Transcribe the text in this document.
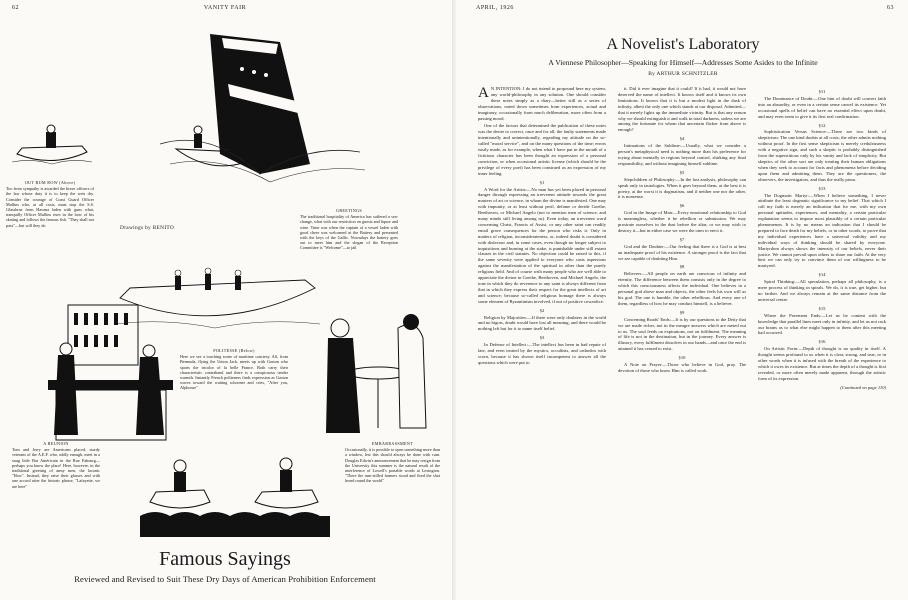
62	VANITY FAIR
OUT RUM ROW (Above)
Too from sympathy is awarded the brave officers of the law whose duty it is to keep the wets dry. Consider the courage of Coast Guard Officer Mullins who, at all costs, must stop the S.S. Glassbrae from Havana laden with guns what, tranquilly Officer Mullins rises in the bow of his skating and follows the famous fish. "They shall not pass"—but will they do	Drawings by BENITO
GREETINGS
The traditional hospitality of America has suffered a sea-change, what with our restriction on guests and liquor and wine. Time was when the captain of a vessel laden with good cheer was welcomed at the Battery and presented with the keys of the Gallic. Nowadays the battery goes out to meet him and the slogan of the Reception Committee is "Welcome"—to jail
POLITESSE (Below)
Here we see a touching scene of maritime courtesy. Alf, from Bermuda, flying the Union Jack, meets up with Gaston who sports the tricolor of la belle France. Both carry their characteristic contraband and there is a conspicuous tender warmth. Instantly French politeness finds expression as Gaston waves toward the waiting schooner and cries, "After you, Alphonse"
A REUNION
Tom and Jerry are Americans placed, sturdy veterans of the A.E.F. who, oddly enough, meet in a snug little Bar Américain in the Rue Fabourg—perhaps you know the place! Here, however, in the traditional greeting of army men, the laconic "How". Instead, they raise their glasses and with one accord utter the historic phrase, "Lafayette, we are here"
EMBARRASSMENT
Occasionally, it is possible to open something more than a window, lest this should always be done with rum. Douglas Edwin's announcement that he may resign from the University this summer is the natural result of the interference of Lowell's portable words at Lexington. "There the rum-stilled farmers stood and fired the shot heard round the world"
Famous Sayings
Reviewed and Revised to Suit These Dry Days of American Prohibition Enforcement
APRIL, 1926	63
A Novelist's Laboratory
A Viennese Philosopher—Speaking for Himself—Addresses Some Asides to the Infinite
By ARTHUR SCHNITZLER

A N INTENTION: I do not intend to propound here my system, any world-philosophy in any solution. One should consider these notes simply as a diary—better still as a series of observations, noted down sometimes from experiences, actual and imaginary, occasionally from much deliberation, more often from a passing mood.

One of the factors that determined the publication of these notes was the desire to correct, once and for all, the faulty statements made intentionally and unintentionally, regarding my attitude on the so-called "moral service", and on the many questions of the time; errors easily made, as for example, when what I have put in the mouth of a fictitious character has been thought an expression of a personal conviction, or when occasional artistic license (which should be the privilege of every poet) has been construed as an expression of my inner feeling.

§1

A Word for the Artists:—No man has yet been placed in personal danger through expressing an irreverent attitude towards the great masters of art or science, in whom the divine is manifested. One may with impunity, or at least without peril, defame or deride Goethe, Beethoven, or Michael Angelo (not to mention men of science, and many minds still living among us). Even today, an irreverent word concerning Christ, Francis of Assisi, or any other saint can readily entail grave consequences for the person who risks it. Only in matters of religion, inconsiderateness, or, indeed doubt is considered with disfavour and, in some cases, even though no longer subject to inquisitions and burning at the stake, is punishable under still extant clauses in the civil statutes. No objection could be raised to this, if the same severity were applied to everyone who casts aspersions against the manifestation of the spiritual in other than the purely religious field. And of course with many people who are well able to appreciate the divine in Goethe, Beethoven, and Michael Angelo, the tone in which they do reverence to any saint is always different from that in which they express their respect for the great intellects of art and science; because so-called religious homage there is always some element of Byzantinism involved, if not of positive cowardice.

§2

Religion by Majorities:—If there were only doubters in the world and no bigots, doubt would have lost all meaning, and there would be nothing left but for it to name itself belief.

§3

In Defense of Intellect:—The intellect has been in bad repute of late, and even treated by the mystics, occultists, and orthodox with scorn, because it has shown itself incompetent to answer all the questions which were put to

it. Did it ever imagine that it could? If it had, it would not have deserved the name of intellect. It knows itself and it knows its own limitations. It knows that it is but a modest light in the dusk of infinity, albeit the only one which stands at our disposal. Admitted—that it merely lights up the immediate vicinity. But is that any reason why we should extinguish it and walk in total darkness, unless we are among the fortunate for whom that uncertain flicker from above is enough?

§4

Intimations of the Sublime:—Usually, what we consider a person's metaphysical need is nothing more than his preference for toying about mentally in regions beyond control, shirking any final responsibility, and without imagining himself sublime.

§5

Stepchildren of Philosophy:—In the last analysis, philosophy can speak only in tautologies. When it goes beyond them, at the best it is poetry, at the worst it is dogmatism, and if neither one nor the other, it is nonsense.

§6

God in the Image of Man:—Every emotional relationship to God is meaningless, whether it be rebellion or submission. We may prostrate ourselves in the dust before the altar, or we may wish to destroy it—but in either case we were the ones to erect it.

§7

God and the Doubter:—Our feeling that there is a God is at best an inadequate proof of his existence. A stronger proof is the fact that we are capable of doubting Him.

§8

Believers:—All people on earth are conscious of infinity and eternity. The difference between them consists only in the degree to which this consciousness affects the individual. One believes in a personal god above man and objects, the other feels his own will as his god. The one is humble, the other rebellious. And every one of them, regardless of how he may conduct himself, is a believer.

§9

Concerning Roads' Ends:—It is by our questions to the Deity that we are made richer, not in the meagre answers which are meted out to us. The soul feeds on expirations, not on fulfilment. The meaning of life is not in the destination, but in the journey. Every answer is illusory, every fulfilment dissolves in our hands—and once the end is attained it has ceased to exist.

§10

A Note on Prayer:—Those who believe in God, pray. The devotion of those who know Him is called work.

§11

The Dominance of Doubt:—One hint of doubt will convert faith into an absurdity, or even in a certain sense cancel its existence. Yet occasional spells of belief can have no essential effect upon doubt, and may even seem to give it its first real confirmation.

§12

Sophistication Versus Science:—There are two kinds of skepticism: The one kind doubts at all costs; the other admits nothing without proof. In the first sense skepticism is merely credulousness with a negative sign, and such a skeptic is probably distinguished from the superstitious only by his vanity and lack of simplicity. But skeptics of the other sort are only treating their human obligations when they seek to account for facts and phenomena before deciding upon them and admitting them. They are the questioners, the observers, the investigators, and thus the really pious.

§13

The Dogmatic Martyr:—When I believe something, I never attribute the least dogmatic significance to my belief. That which I call my faith is merely an indication that for me, with my own personal aptitudes, experiences, and mentality, a certain particular explanation seems to impose most plausibly of a certain particular phenomenon. It is by no means an indication that I should be prepared to face death for my beliefs, or in other words, to prove that my individual experiences have a universal validity and my individual ways of thinking should be shared by everyone. Martyrdom always shows the intensity of our beliefs, never their justice. We cannot prevail upon others to share our faith. At the very best we can only try to convince them of our willingness to be martyred.

§14

Spiral Thinking:—All speculation, perhaps all philosophy, is a mere process of thinking in spirals. We do, it is true, get higher, but no farther. And we always remain at the same distance from the universal centre.

§15

Where the Pavement Ends:—Let us be content with the knowledge that parallel lines meet only in infinity, and let us not rack our brains as to what else might happen to them after this meeting had occurred.

§16

On Artistic Form:—Depth of thought is no quality in itself. A thought seems profound to us when it is clear, strong, and true, or in other words when it is infused with the breath of the experience to which it owes its existence. But at times the depth of a thought is first revealed, or more often merely made apparent, through the artistic form of its expression.

(Continued on page 110)
